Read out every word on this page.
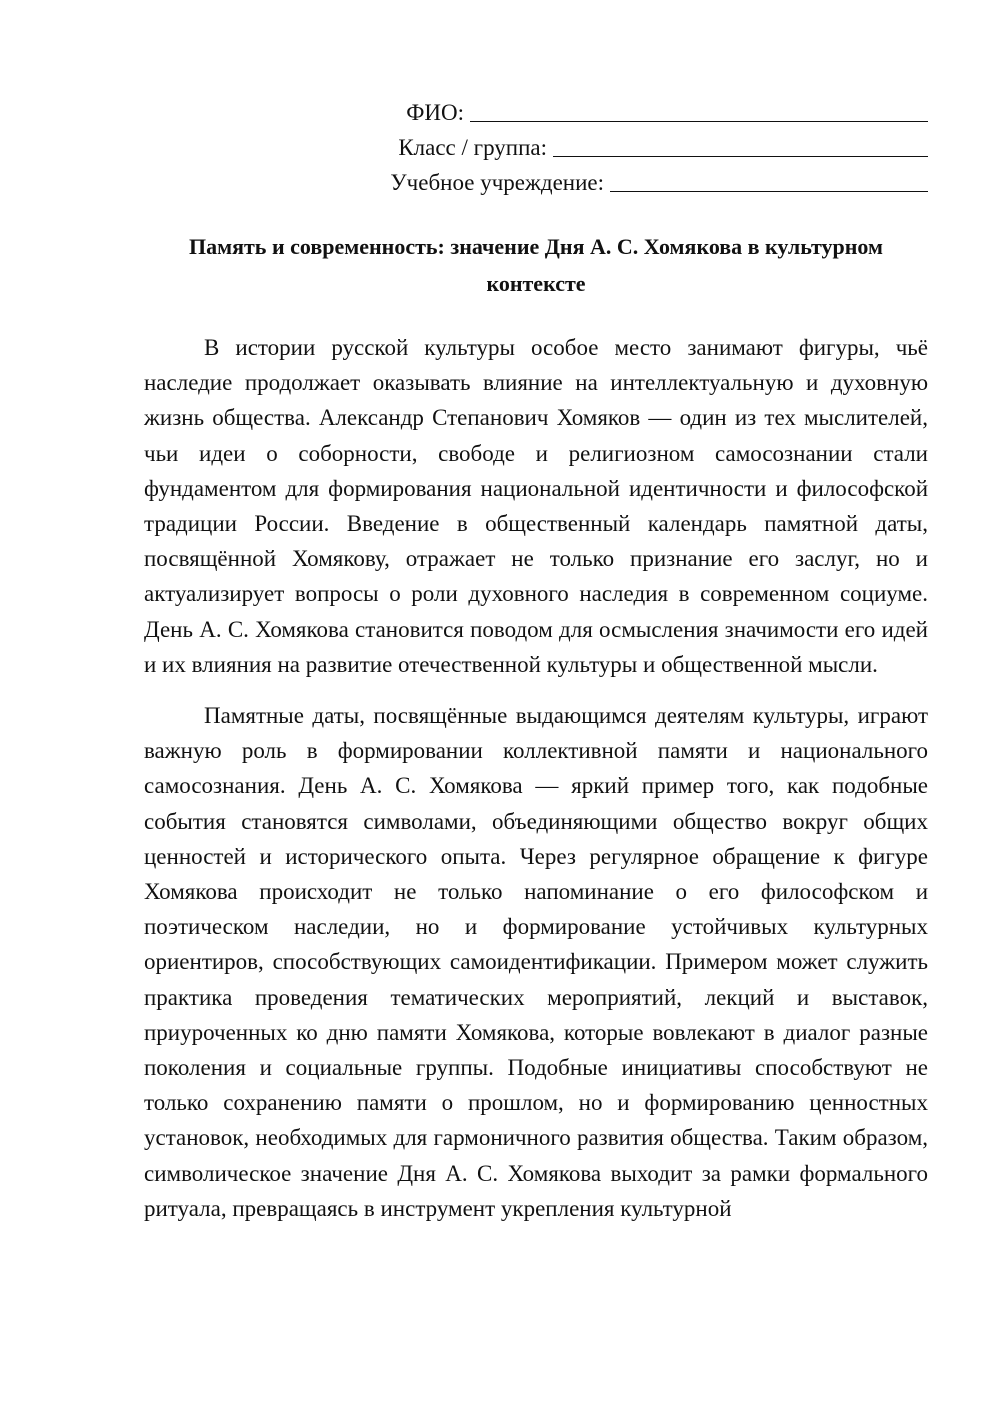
ФИО:
Класс / группа:
Учебное учреждение:
Память и современность: значение Дня А. С. Хомякова в культурном контексте

В истории русской культуры особое место занимают фигуры, чьё наследие продолжает оказывать влияние на интеллектуальную и духовную жизнь общества. Александр Степанович Хомяков — один из тех мыслителей, чьи идеи о соборности, свободе и религиозном самосознании стали фундаментом для формирования национальной идентичности и философской традиции России. Введение в общественный календарь памятной даты, посвящённой Хомякову, отражает не только признание его заслуг, но и актуализирует вопросы о роли духовного наследия в современном социуме. День А. С. Хомякова становится поводом для осмысления значимости его идей и их влияния на развитие отечественной культуры и общественной мысли.

Памятные даты, посвящённые выдающимся деятелям культуры, играют важную роль в формировании коллективной памяти и национального самосознания. День А. С. Хомякова — яркий пример того, как подобные события становятся символами, объединяющими общество вокруг общих ценностей и исторического опыта. Через регулярное обращение к фигуре Хомякова происходит не только напоминание о его философском и поэтическом наследии, но и формирование устойчивых культурных ориентиров, способствующих самоидентификации. Примером может служить практика проведения тематических мероприятий, лекций и выставок, приуроченных ко дню памяти Хомякова, которые вовлекают в диалог разные поколения и социальные группы. Подобные инициативы способствуют не только сохранению памяти о прошлом, но и формированию ценностных установок, необходимых для гармоничного развития общества. Таким образом, символическое значение Дня А. С. Хомякова выходит за рамки формального ритуала, превращаясь в инструмент укрепления культурной
